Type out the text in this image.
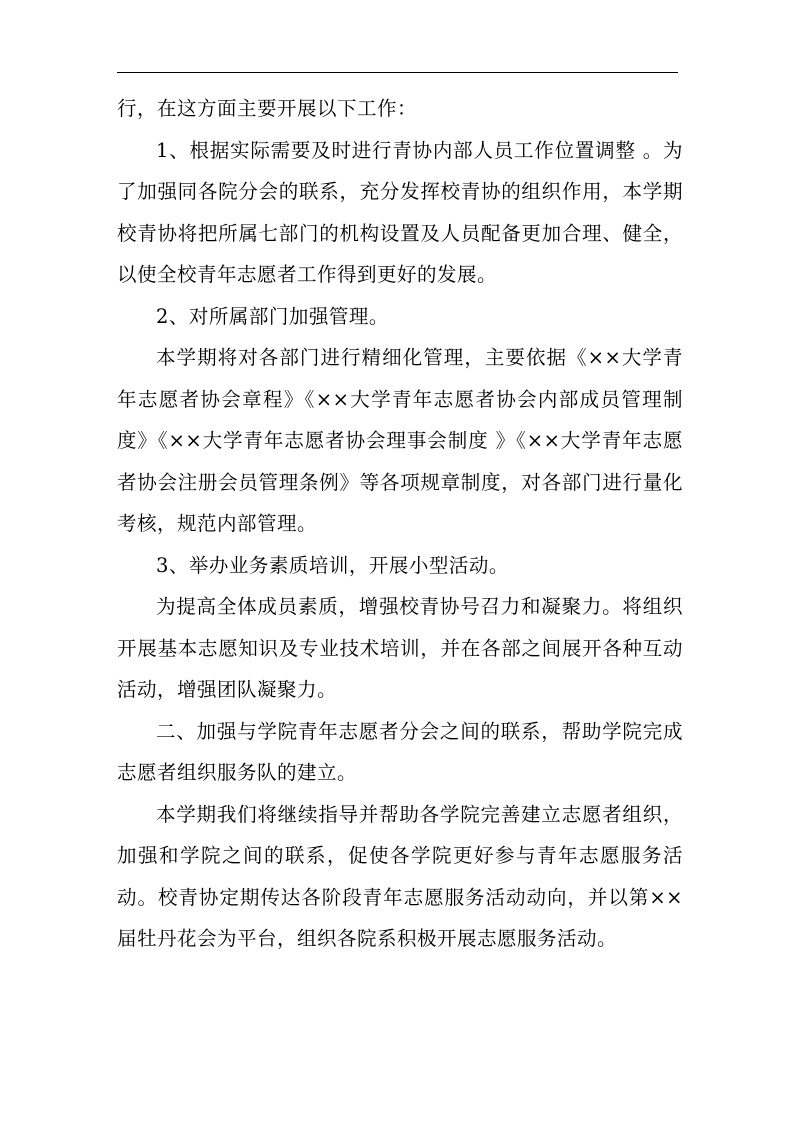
行，在这方面主要开展以下工作：

1、根据实际需要及时进行青协内部人员工作位置调整 。为了加强同各院分会的联系，充分发挥校青协的组织作用，本学期校青协将把所属七部门的机构设置及人员配备更加合理、健全，以使全校青年志愿者工作得到更好的发展。

2、对所属部门加强管理。

本学期将对各部门进行精细化管理，主要依据《××大学青年志愿者协会章程》《××大学青年志愿者协会内部成员管理制度》《××大学青年志愿者协会理事会制度 》《××大学青年志愿者协会注册会员管理条例》等各项规章制度，对各部门进行量化考核，规范内部管理。

3、举办业务素质培训，开展小型活动。

为提高全体成员素质，增强校青协号召力和凝聚力。将组织开展基本志愿知识及专业技术培训，并在各部之间展开各种互动活动，增强团队凝聚力。

二、加强与学院青年志愿者分会之间的联系，帮助学院完成志愿者组织服务队的建立。

本学期我们将继续指导并帮助各学院完善建立志愿者组织，加强和学院之间的联系，促使各学院更好参与青年志愿服务活动。校青协定期传达各阶段青年志愿服务活动动向，并以第××届牡丹花会为平台，组织各院系积极开展志愿服务活动。
